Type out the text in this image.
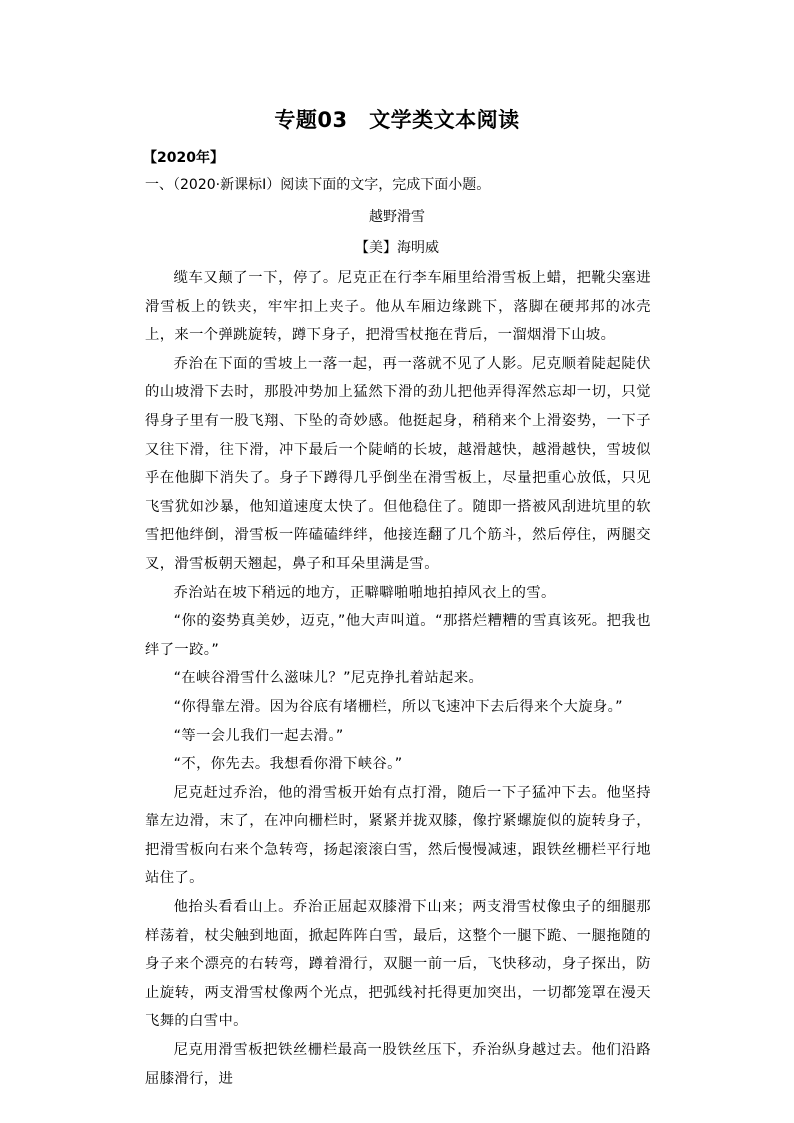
专题03　文学类文本阅读
【2020年】
一、（2020·新课标Ⅰ）阅读下面的文字，完成下面小题。
越野滑雪
【美】海明威

缆车又颠了一下，停了。尼克正在行李车厢里给滑雪板上蜡，把靴尖塞进滑雪板上的铁夹，牢牢扣上夹子。他从车厢边缘跳下，落脚在硬邦邦的冰壳上，来一个弹跳旋转，蹲下身子，把滑雪杖拖在背后，一溜烟滑下山坡。

乔治在下面的雪坡上一落一起，再一落就不见了人影。尼克顺着陡起陡伏的山坡滑下去时，那股冲势加上猛然下滑的劲儿把他弄得浑然忘却一切，只觉得身子里有一股飞翔、下坠的奇妙感。他挺起身，稍稍来个上滑姿势，一下子又往下滑，往下滑，冲下最后一个陡峭的长坡，越滑越快，越滑越快，雪坡似乎在他脚下消失了。身子下蹲得几乎倒坐在滑雪板上，尽量把重心放低，只见飞雪犹如沙暴，他知道速度太快了。但他稳住了。随即一搭被风刮进坑里的软雪把他绊倒，滑雪板一阵磕磕绊绊，他接连翻了几个筋斗，然后停住，两腿交叉，滑雪板朝天翘起，鼻子和耳朵里满是雪。

乔治站在坡下稍远的地方，正噼噼啪啪地拍掉风衣上的雪。

“你的姿势真美妙，迈克，”他大声叫道。“那搭烂糟糟的雪真该死。把我也绊了一跤。”

“在峡谷滑雪什么滋味儿？”尼克挣扎着站起来。

“你得靠左滑。因为谷底有堵栅栏，所以飞速冲下去后得来个大旋身。”

“等一会儿我们一起去滑。”

“不，你先去。我想看你滑下峡谷。”

尼克赶过乔治，他的滑雪板开始有点打滑，随后一下子猛冲下去。他坚持靠左边滑，末了，在冲向栅栏时，紧紧并拢双膝，像拧紧螺旋似的旋转身子，把滑雪板向右来个急转弯，扬起滚滚白雪，然后慢慢减速，跟铁丝栅栏平行地站住了。

他抬头看看山上。乔治正屈起双膝滑下山来；两支滑雪杖像虫子的细腿那样荡着，杖尖触到地面，掀起阵阵白雪，最后，这整个一腿下跪、一腿拖随的身子来个漂亮的右转弯，蹲着滑行，双腿一前一后，飞快移动，身子探出，防止旋转，两支滑雪杖像两个光点，把弧线衬托得更加突出，一切都笼罩在漫天飞舞的白雪中。

尼克用滑雪板把铁丝栅栏最高一股铁丝压下，乔治纵身越过去。他们沿路屈膝滑行，进
